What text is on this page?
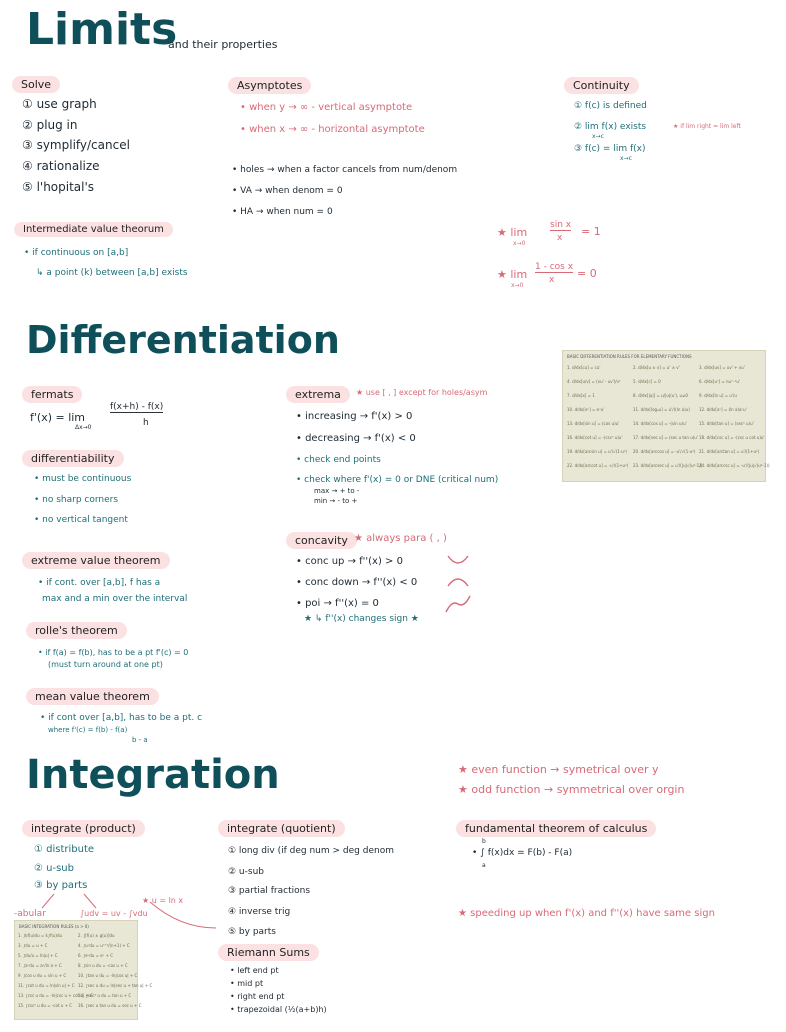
Limits
and their properties
Solve
① use graph
② plug in
③ symplify/cancel
④ rationalize
⑤ l'hopital's
Asymptotes
• when y → ∞ - vertical asymptote
• when x → ∞ - horizontal asymptote
Continuity
① f(c) is defined
② lim f(x) exists
x→c
★ if lim right = lim left
③ f(c) = lim f(x)
x→c
• holes → when a factor cancels from num/denom
• VA → when denom = 0
• HA → when num = 0
Intermediate value theorum
• if continuous on [a,b]
↳ a point (k) between [a,b] exists
★ lim
sin x
x = 1
x→0
★ lim
1 - cos x
x = 0
x→0
Differentiation
fermats
f'(x) = lim
Δx→0
f(x+h) - f(x)
h
differentiability
• must be continuous
• no sharp corners
• no vertical tangent
extreme value theorem
• if cont. over [a,b], f has a
max and a min over the interval
rolle's theorem
• if f(a) = f(b), has to be a pt f'(c) = 0
(must turn around at one pt)
mean value theorem
• if cont over [a,b], has to be a pt. c
where f'(c) = f(b) - f(a)
b - a
extrema	★ use [ , ] except for holes/asym
• increasing → f'(x) > 0
• decreasing → f'(x) < 0
• check end points
• check where f'(x) = 0 or DNE (critical num)
max → + to -
min → - to +
concavity ★ always para ( , )
• conc up → f''(x) > 0
• conc down → f''(x) < 0
• poi → f''(x) = 0
★ ↳ f''(x) changes sign ★
BASIC DIFFERENTIATION RULES FOR ELEMENTARY FUNCTIONS
1. d/dx[cu] = cu'	2. d/dx[u ± v] = u' ± v'	3. d/dx[uv] = uv' + vu'
4. d/dx[u/v] = (vu' - uv')/v²	5. d/dx[c] = 0	6. d/dx[uⁿ] = nuⁿ⁻¹u'
7. d/dx[x] = 1	8. d/dx[|u|] = u/|u|(u'), u≠0	9. d/dx[ln u] = u'/u
10. d/dx[eᵘ] = eᵘu'	11. d/dx[logₐu] = u'/((ln a)u)	12. d/dx[aᵘ] = (ln a)aᵘu'
13. d/dx[sin u] = (cos u)u'	14. d/dx[cos u] = -(sin u)u'	15. d/dx[tan u] = (sec² u)u'
16. d/dx[cot u] = -(csc² u)u'	17. d/dx[sec u] = (sec u tan u)u' 18. d/dx[csc u] = -(csc u cot u)u'
19. d/dx[arcsin u] = u'/√(1-u²)	20. d/dx[arccos u] = -u'/√(1-u²) 21. d/dx[arctan u] = u'/(1+u²)
22. d/dx[arccot u] = -u'/(1+u²) 23. d/dx[arcsec u] = u'/(|u|√(u²-1))
24. d/dx[arccsc u] = -u'/(|u|√(u²-1))
Integration	★ even function → symetrical over y
★ odd function → symmetrical over orgin
integrate (product)
① distribute
② u-sub
③ by parts
-abular	∫udv = uv - ∫vdu
★ u = ln x
BASIC INTEGRATION RULES (a > 0)
1. ∫kf(u)du = k∫f(u)du	2. ∫[f(u) ± g(u)]du
3. ∫du = u + C	4. ∫uⁿdu = uⁿ⁺¹/(n+1) + C
5. ∫du/u = ln|u| + C	6. ∫eᵘdu = eᵘ + C
7. ∫aᵘdu = aᵘ/ln a + C	8. ∫sin u du = -cos u + C
9. ∫cos u du = sin u + C	10. ∫tan u du = -ln|cos u| + C
11. ∫cot u du = ln|sin u| + C 12. ∫sec u du = ln|sec u + tan u| + C
13. ∫csc u du = -ln|csc u + cot u| + C
14. ∫sec² u du = tan u + C
15. ∫csc² u du = -cot u + C	16. ∫sec u tan u du = sec u + C
integrate (quotient)
① long div (if deg num > deg denom
② u-sub
③ partial fractions
④ inverse trig
⑤ by parts
Riemann Sums
• left end pt
• mid pt
• right end pt
• trapezoidal (½(a+b)h)
fundamental theorem of calculus
b
• ∫ f(x)dx = F(b) - F(a)
a
★ speeding up when f'(x) and f''(x) have same sign
